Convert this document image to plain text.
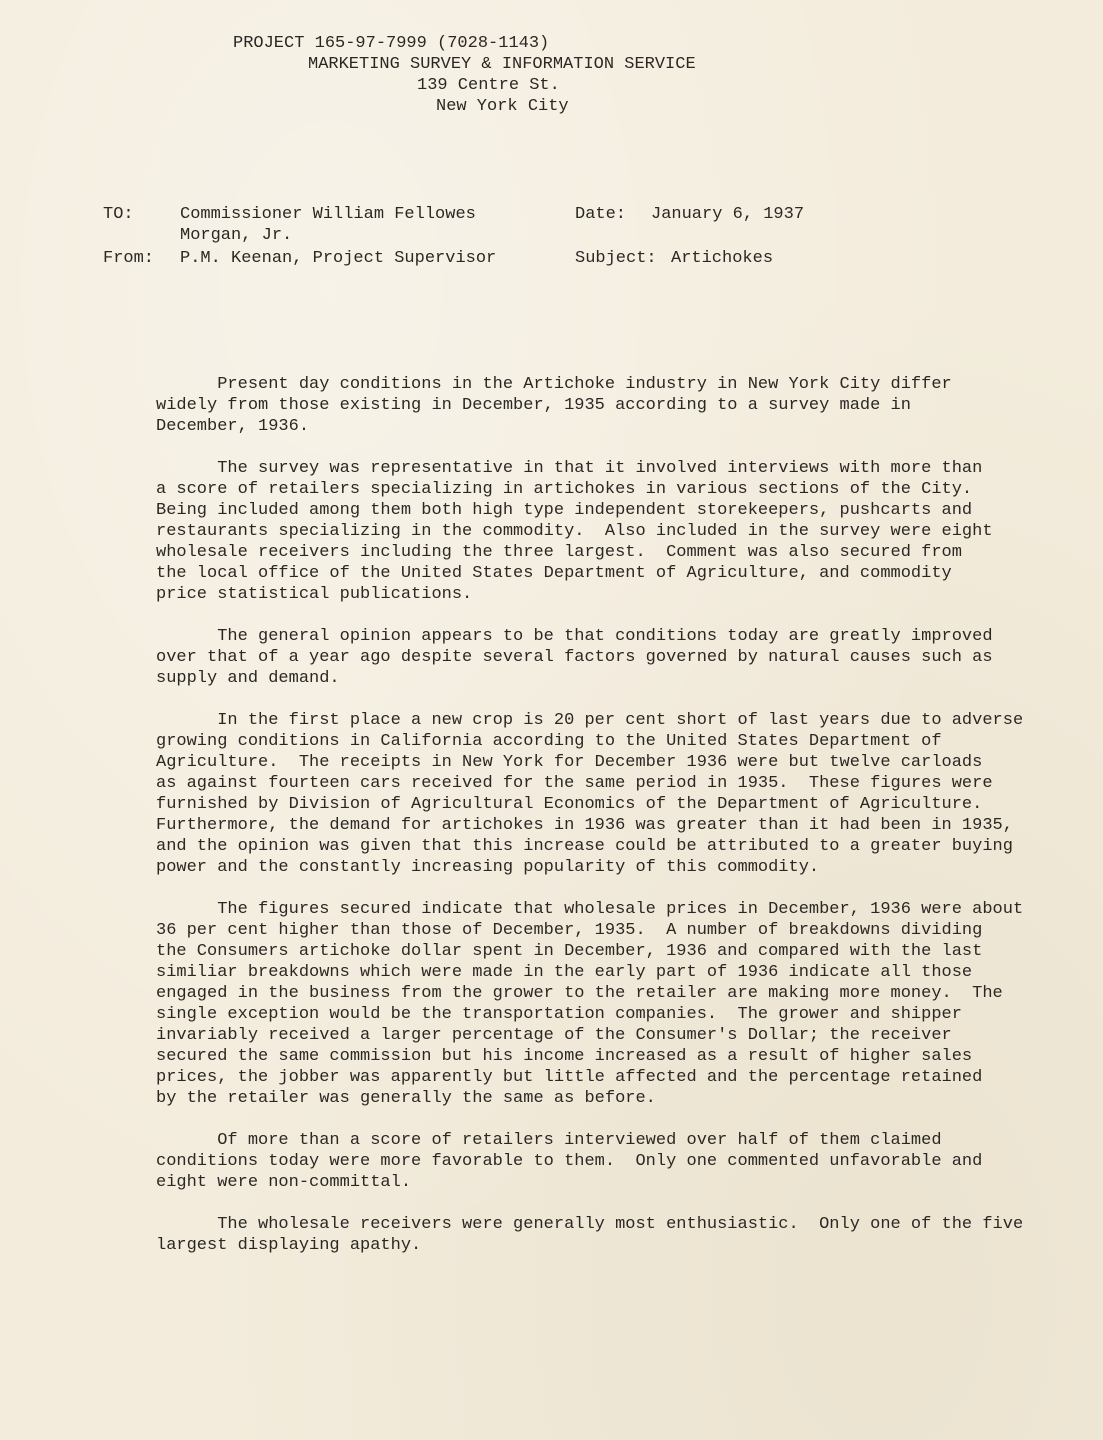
PROJECT 165-97-7999 (7028-1143)
MARKETING SURVEY & INFORMATION SERVICE
139 Centre St.
New York City
TO:	Commissioner William Fellowes
Morgan, Jr.
From: P.M. Keenan, Project Supervisor
Date: January 6, 1937
Subject: Artichokes
Present day conditions in the Artichoke industry in New York City differ
widely from those existing in December, 1935 according to a survey made in
December, 1936.
The survey was representative in that it involved interviews with more than
a score of retailers specializing in artichokes in various sections of the City.
Being included among them both high type independent storekeepers, pushcarts and
restaurants specializing in the commodity.  Also included in the survey were eight
wholesale receivers including the three largest.  Comment was also secured from
the local office of the United States Department of Agriculture, and commodity
price statistical publications.
The general opinion appears to be that conditions today are greatly improved
over that of a year ago despite several factors governed by natural causes such as
supply and demand.
In the first place a new crop is 20 per cent short of last years due to adverse
growing conditions in California according to the United States Department of
Agriculture.  The receipts in New York for December 1936 were but twelve carloads
as against fourteen cars received for the same period in 1935.  These figures were
furnished by Division of Agricultural Economics of the Department of Agriculture.
Furthermore, the demand for artichokes in 1936 was greater than it had been in 1935,
and the opinion was given that this increase could be attributed to a greater buying
power and the constantly increasing popularity of this commodity.
The figures secured indicate that wholesale prices in December, 1936 were about
36 per cent higher than those of December, 1935.  A number of breakdowns dividing
the Consumers artichoke dollar spent in December, 1936 and compared with the last
similiar breakdowns which were made in the early part of 1936 indicate all those
engaged in the business from the grower to the retailer are making more money.  The
single exception would be the transportation companies.  The grower and shipper
invariably received a larger percentage of the Consumer's Dollar; the receiver
secured the same commission but his income increased as a result of higher sales
prices, the jobber was apparently but little affected and the percentage retained
by the retailer was generally the same as before.
Of more than a score of retailers interviewed over half of them claimed
conditions today were more favorable to them.  Only one commented unfavorable and
eight were non-committal.
The wholesale receivers were generally most enthusiastic.  Only one of the five
largest displaying apathy.
